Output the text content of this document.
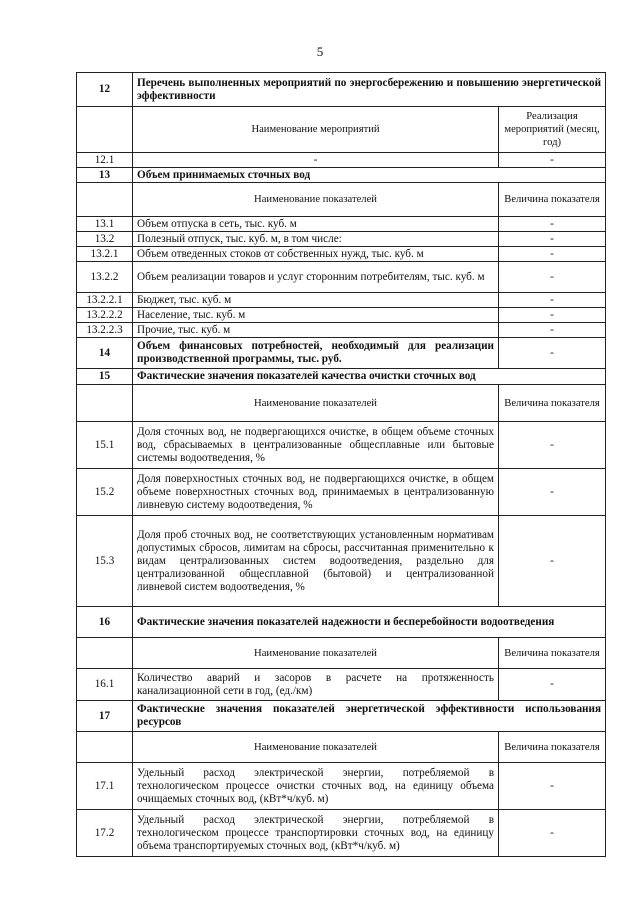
5
12	Перечень выполненных мероприятий по энергосбережению и повышению энергетической эффективности	
	Наименование мероприятий	Реализация мероприятий (месяц, год)
12.1	-	-
13	Объем принимаемых сточных вод	
	Наименование показателей	Величина показателя
13.1	Объем отпуска в сеть, тыс. куб. м	-
13.2	Полезный отпуск, тыс. куб. м, в том числе:	-
13.2.1	Объем отведенных стоков от собственных нужд, тыс. куб. м	-
13.2.2	Объем реализации товаров и услуг сторонним потребителям, тыс. куб. м	-
13.2.2.1	Бюджет, тыс. куб. м	-
13.2.2.2	Население, тыс. куб. м	-
13.2.2.3	Прочие, тыс. куб. м	-
14	Объем финансовых потребностей, необходимый для реализации производственной программы, тыс. руб.	-
15	Фактические значения показателей качества очистки сточных вод	
	Наименование показателей	Величина показателя
15.1	Доля сточных вод, не подвергающихся очистке, в общем объеме сточных вод, сбрасываемых в централизованные общесплавные или бытовые системы водоотведения, %	-
15.2	Доля поверхностных сточных вод, не подвергающихся очистке, в общем объеме поверхностных сточных вод, принимаемых в централизованную ливневую систему водоотведения, %	-
15.3	Доля проб сточных вод, не соответствующих установленным нормативам допустимых сбросов, лимитам на сбросы, рассчитанная применительно к видам централизованных систем водоотведения, раздельно для централизованной общесплавной (бытовой) и централизованной ливневой систем водоотведения, %	-
16	Фактические значения показателей надежности и бесперебойности водоотведения	
	Наименование показателей	Величина показателя
16.1	Количество аварий и засоров в расчете на протяженность канализационной сети в год, (ед./км)	-
17	Фактические значения показателей энергетической эффективности использования ресурсов	
	Наименование показателей	Величина показателя
17.1	Удельный расход электрической энергии, потребляемой в технологическом процессе очистки сточных вод, на единицу объема очищаемых сточных вод, (кВт*ч/куб. м)	-
17.2	Удельный расход электрической энергии, потребляемой в технологическом процессе транспортировки сточных вод, на единицу объема транспортируемых сточных вод, (кВт*ч/куб. м)	-
